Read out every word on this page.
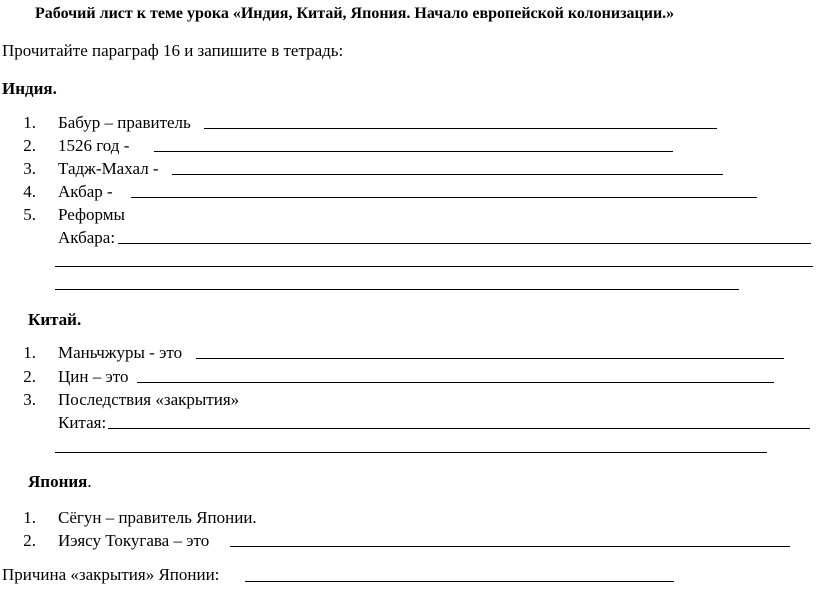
Рабочий лист к теме урока «Индия, Китай, Япония. Начало европейской колонизации.»
Прочитайте параграф 16 и запишите в тетрадь:
Индия.
1. Бабур – правитель
2. 1526 год -
3. Тадж-Махал -
4. Акбар -
5. Реформы
Акбара:
Китай.
1. Маньчжуры - это
2. Цин – это
3. Последствия «закрытия»
Китая:
Япония.
1. Сёгун – правитель Японии.
2. Иэясу Токугава – это
Причина «закрытия» Японии:
